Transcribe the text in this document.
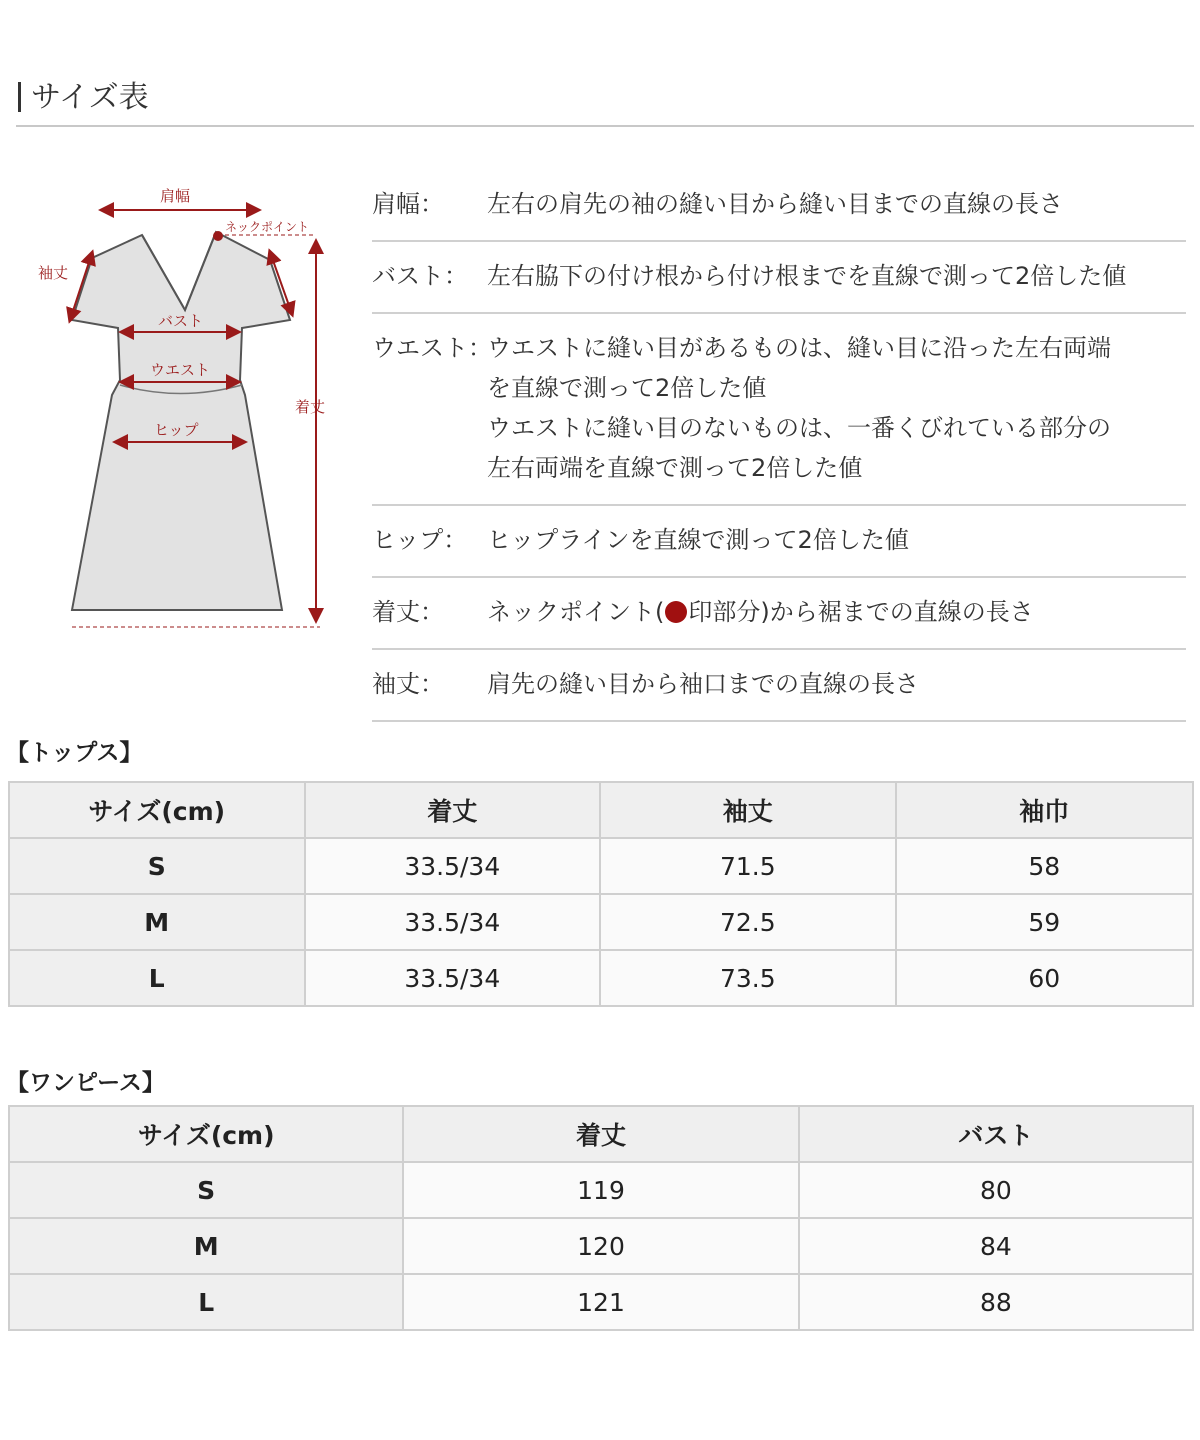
サイズ表
肩幅
ネックポイント
袖丈
バスト
ウエスト
ヒップ
着丈
肩幅：	左右の肩先の袖の縫い目から縫い目までの直線の長さ
バスト： 左右脇下の付け根から付け根までを直線で測って2倍した値
ウエスト：
ウエストに縫い目があるものは、縫い目に沿った左右両端
を直線で測って2倍した値
ウエストに縫い目のないものは、一番くびれている部分の
左右両端を直線で測って2倍した値
ヒップ： ヒップラインを直線で測って2倍した値
着丈：	ネックポイント( 印部分)から裾までの直線の長さ
袖丈：	肩先の縫い目から袖口までの直線の長さ
【トップス】
サイズ(cm)	着丈	袖丈	袖巾
S	33.5/34	71.5	58
M	33.5/34	72.5	59
L	33.5/34	73.5	60
【ワンピース】
サイズ(cm)	着丈	バスト
S	119	80
M	120	84
L	121	88
